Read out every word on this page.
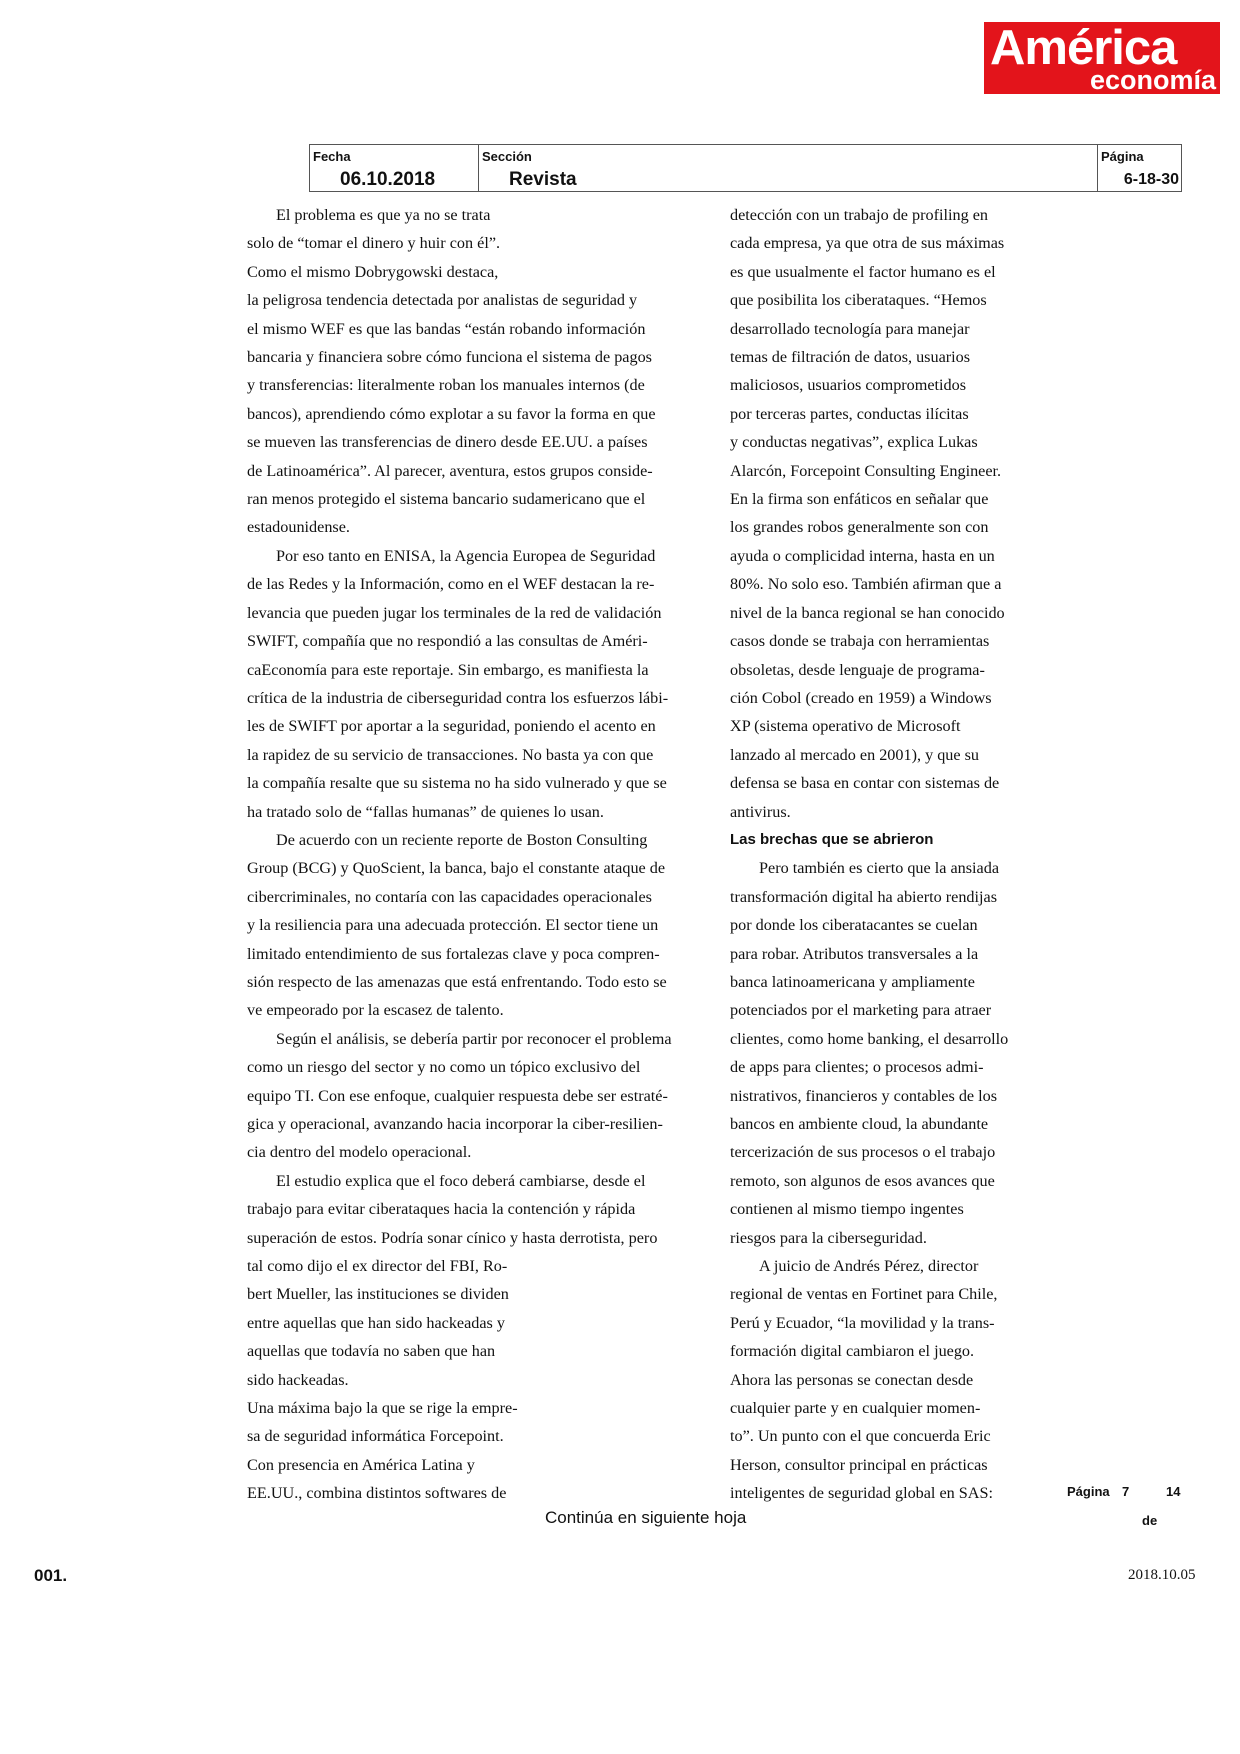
América
economía
Fecha
06.10.2018
Sección
Revista
Página
6-18-30

El problema es que ya no se trata

solo de “tomar el dinero y huir con él”.

Como el mismo Dobrygowski destaca,

la peligrosa tendencia detectada por analistas de seguridad y

el mismo WEF es que las bandas “están robando información

bancaria y financiera sobre cómo funciona el sistema de pagos

y transferencias: literalmente roban los manuales internos (de

bancos), aprendiendo cómo explotar a su favor la forma en que

se mueven las transferencias de dinero desde EE.UU. a países

de Latinoamérica”. Al parecer, aventura, estos grupos conside-

ran menos protegido el sistema bancario sudamericano que el

estadounidense.

Por eso tanto en ENISA, la Agencia Europea de Seguridad

de las Redes y la Información, como en el WEF destacan la re-

levancia que pueden jugar los terminales de la red de validación

SWIFT, compañía que no respondió a las consultas de Améri-

caEconomía para este reportaje. Sin embargo, es manifiesta la

crítica de la industria de ciberseguridad contra los esfuerzos lábi-

les de SWIFT por aportar a la seguridad, poniendo el acento en

la rapidez de su servicio de transacciones. No basta ya con que

la compañía resalte que su sistema no ha sido vulnerado y que se

ha tratado solo de “fallas humanas” de quienes lo usan.

De acuerdo con un reciente reporte de Boston Consulting

Group (BCG) y QuoScient, la banca, bajo el constante ataque de

cibercriminales, no contaría con las capacidades operacionales

y la resiliencia para una adecuada protección. El sector tiene un

limitado entendimiento de sus fortalezas clave y poca compren-

sión respecto de las amenazas que está enfrentando. Todo esto se

ve empeorado por la escasez de talento.

Según el análisis, se debería partir por reconocer el problema

como un riesgo del sector y no como un tópico exclusivo del

equipo TI. Con ese enfoque, cualquier respuesta debe ser estraté-

gica y operacional, avanzando hacia incorporar la ciber-resilien-

cia dentro del modelo operacional.

El estudio explica que el foco deberá cambiarse, desde el

trabajo para evitar ciberataques hacia la contención y rápida

superación de estos. Podría sonar cínico y hasta derrotista, pero

tal como dijo el ex director del FBI, Ro-

bert Mueller, las instituciones se dividen

entre aquellas que han sido hackeadas y

aquellas que todavía no saben que han

sido hackeadas.

Una máxima bajo la que se rige la empre-

sa de seguridad informática Forcepoint.

Con presencia en América Latina y

EE.UU., combina distintos softwares de

detección con un trabajo de profiling en

cada empresa, ya que otra de sus máximas

es que usualmente el factor humano es el

que posibilita los ciberataques. “Hemos

desarrollado tecnología para manejar

temas de filtración de datos, usuarios

maliciosos, usuarios comprometidos

por terceras partes, conductas ilícitas

y conductas negativas”, explica Lukas

Alarcón, Forcepoint Consulting Engineer.

En la firma son enfáticos en señalar que

los grandes robos generalmente son con

ayuda o complicidad interna, hasta en un

80%. No solo eso. También afirman que a

nivel de la banca regional se han conocido

casos donde se trabaja con herramientas

obsoletas, desde lenguaje de programa-

ción Cobol (creado en 1959) a Windows

XP (sistema operativo de Microsoft

lanzado al mercado en 2001), y que su

defensa se basa en contar con sistemas de

antivirus.

Las brechas que se abrieron

Pero también es cierto que la ansiada

transformación digital ha abierto rendijas

por donde los ciberatacantes se cuelan

para robar. Atributos transversales a la

banca latinoamericana y ampliamente

potenciados por el marketing para atraer

clientes, como home banking, el desarrollo

de apps para clientes; o procesos admi-

nistrativos, financieros y contables de los

bancos en ambiente cloud, la abundante

tercerización de sus procesos o el trabajo

remoto, son algunos de esos avances que

contienen al mismo tiempo ingentes

riesgos para la ciberseguridad.

A juicio de Andrés Pérez, director

regional de ventas en Fortinet para Chile,

Perú y Ecuador, “la movilidad y la trans-

formación digital cambiaron el juego.

Ahora las personas se conectan desde

cualquier parte y en cualquier momen-

to”. Un punto con el que concuerda Eric

Herson, consultor principal en prácticas

inteligentes de seguridad global en SAS:	Página 7	14
de
Continúa en siguiente hoja
001.	2018.10.05
